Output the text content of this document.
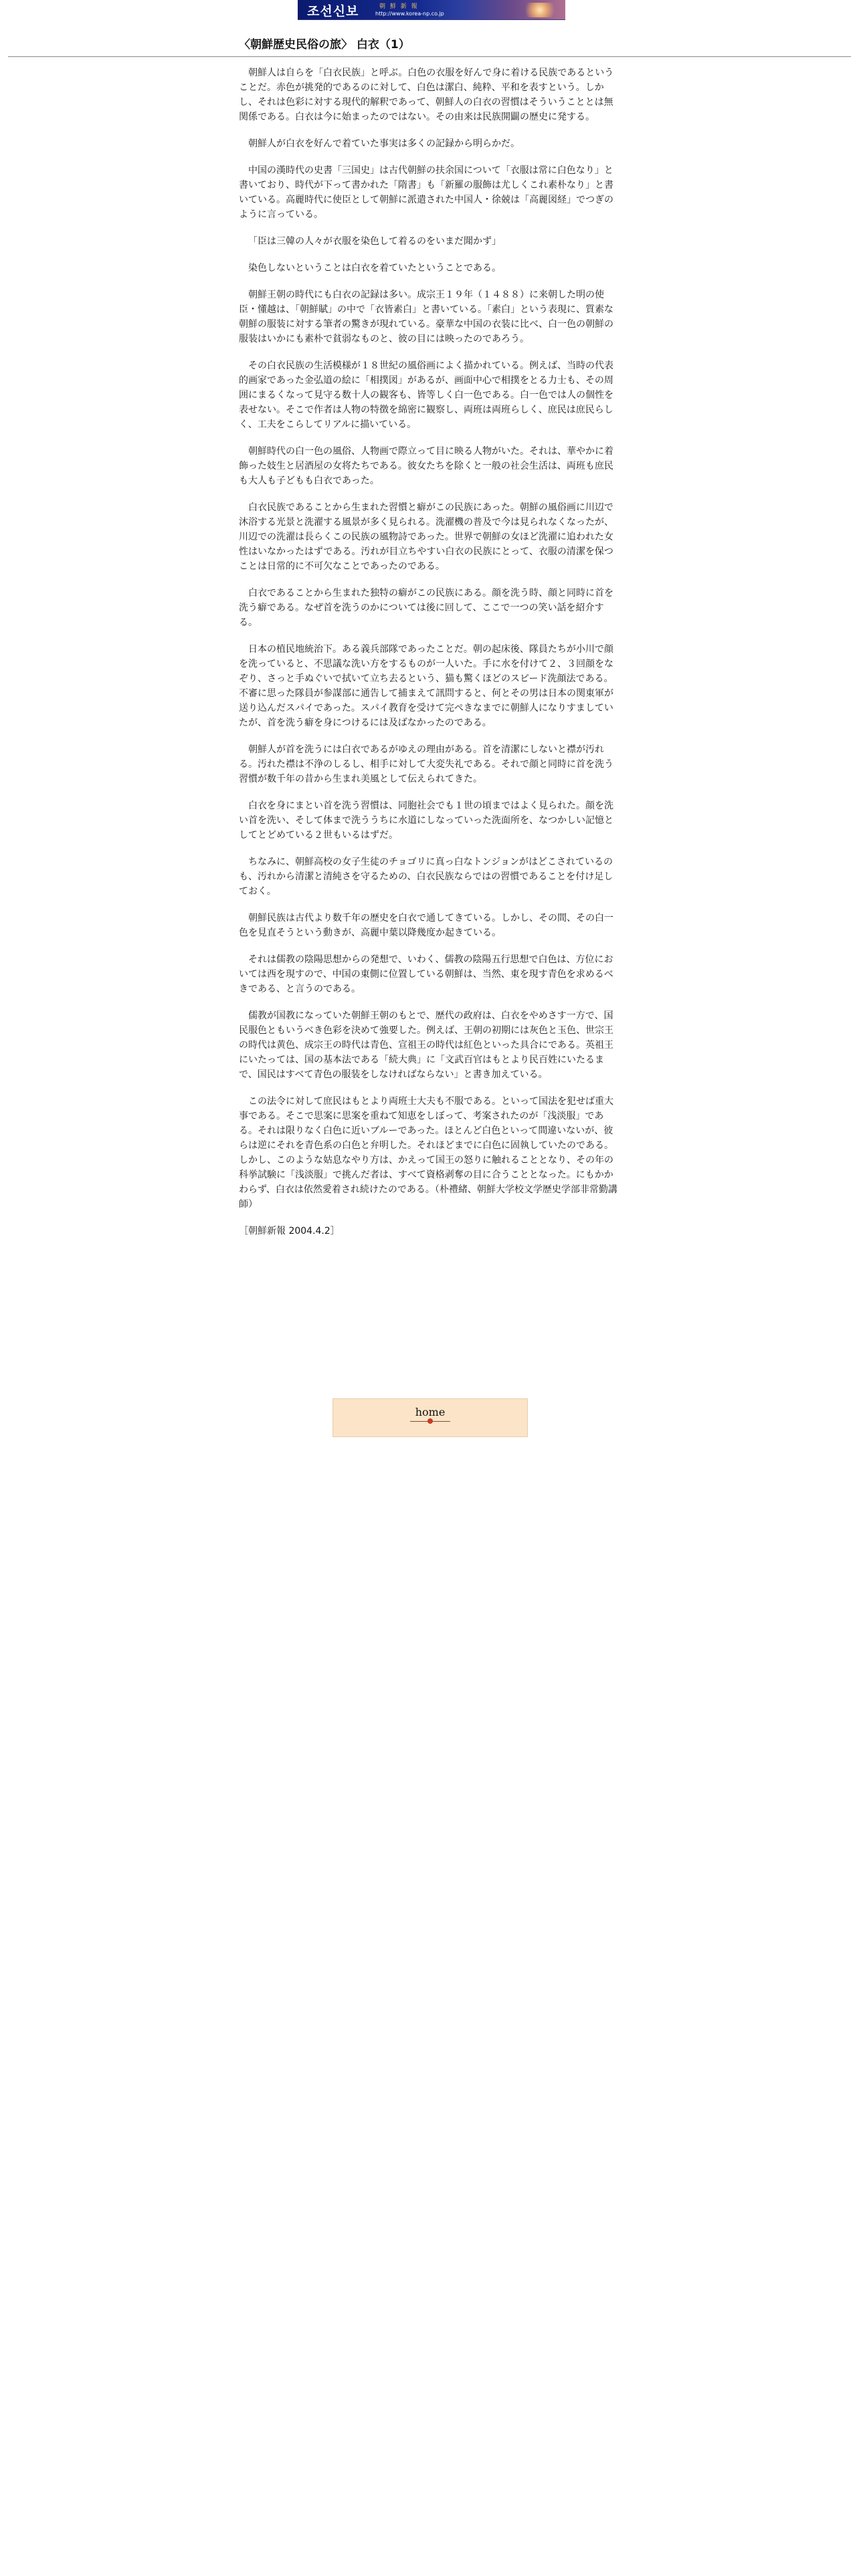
조선신보	朝 鮮 新 報
http://www.korea-np.co.jp
〈朝鮮歴史民俗の旅〉 白衣（1）

朝鮮人は自らを「白衣民族」と呼ぶ。白色の衣服を好んで身に着ける民族であるということだ。赤色が挑発的であるのに対して、白色は潔白、純粋、平和を表すという。しかし、それは色彩に対する現代的解釈であって、朝鮮人の白衣の習慣はそういうこととは無関係である。白衣は今に始まったのではない。その由来は民族開闢の歴史に発する。

朝鮮人が白衣を好んで着ていた事実は多くの記録から明らかだ。

中国の漢時代の史書「三国史」は古代朝鮮の扶余国について「衣服は常に白色なり」と書いており、時代が下って書かれた「隋書」も「新羅の服飾は尤しくこれ素朴なり」と書いている。高麗時代に使臣として朝鮮に派遣された中国人・徐兢は「高麗図経」でつぎのように言っている。

「臣は三韓の人々が衣服を染色して着るのをいまだ聞かず」

染色しないということは白衣を着ていたということである。

朝鮮王朝の時代にも白衣の記録は多い。成宗王１９年（１４８８）に来朝した明の使臣・懂越は、「朝鮮賦」の中で「衣皆素白」と書いている。「素白」という表現に、質素な朝鮮の服装に対する筆者の驚きが現れている。豪華な中国の衣装に比べ、白一色の朝鮮の服装はいかにも素朴で貧弱なものと、彼の目には映ったのであろう。

その白衣民族の生活模様が１８世紀の風俗画によく描かれている。例えば、当時の代表的画家であった金弘道の絵に「相撲図」があるが、画面中心で相撲をとる力士も、その周囲にまるくなって見守る数十人の観客も、皆等しく白一色である。白一色では人の個性を表せない。そこで作者は人物の特徴を綿密に観察し、両班は両班らしく、庶民は庶民らしく、工夫をこらしてリアルに描いている。

朝鮮時代の白一色の風俗、人物画で際立って目に映る人物がいた。それは、華やかに着飾った妓生と居酒屋の女将たちである。彼女たちを除くと一般の社会生活は、両班も庶民も大人も子どもも白衣であった。

白衣民族であることから生まれた習慣と癖がこの民族にあった。朝鮮の風俗画に川辺で沐浴する光景と洗濯する風景が多く見られる。洗濯機の普及で今は見られなくなったが、川辺での洗濯は長らくこの民族の風物詩であった。世界で朝鮮の女ほど洗濯に追われた女性はいなかったはずである。汚れが目立ちやすい白衣の民族にとって、衣服の清潔を保つことは日常的に不可欠なことであったのである。

白衣であることから生まれた独特の癖がこの民族にある。顔を洗う時、顔と同時に首を洗う癖である。なぜ首を洗うのかについては後に回して、ここで一つの笑い話を紹介する。

日本の植民地統治下。ある義兵部隊であったことだ。朝の起床後、隊員たちが小川で顔を洗っていると、不思議な洗い方をするものが一人いた。手に水を付けて２、３回顔をなぞり、さっと手ぬぐいで拭いて立ち去るという、猫も驚くほどのスピード洗顔法である。不審に思った隊員が参謀部に通告して捕まえて訊問すると、何とその男は日本の関東軍が送り込んだスパイであった。スパイ教育を受けて完ぺきなまでに朝鮮人になりすましていたが、首を洗う癖を身につけるには及ばなかったのである。

朝鮮人が首を洗うには白衣であるがゆえの理由がある。首を清潔にしないと襟が汚れる。汚れた襟は不浄のしるし、相手に対して大変失礼である。それで顔と同時に首を洗う習慣が数千年の昔から生まれ美風として伝えられてきた。

白衣を身にまとい首を洗う習慣は、同胞社会でも１世の頃まではよく見られた。顔を洗い首を洗い、そして体まで洗ううちに水道にしなっていった洗面所を、なつかしい記憶としてとどめている２世もいるはずだ。

ちなみに、朝鮮高校の女子生徒のチョゴリに真っ白なトンジョンがはどこされているのも、汚れから清潔と清純さを守るための、白衣民族ならではの習慣であることを付け足しておく。

朝鮮民族は古代より数千年の歴史を白衣で通してきている。しかし、その間、その白一色を見直そうという動きが、高麗中葉以降幾度か起きている。

それは儒教の陰陽思想からの発想で、いわく、儒教の陰陽五行思想で白色は、方位においては西を現すので、中国の東側に位置している朝鮮は、当然、東を現す青色を求めるべきである、と言うのである。

儒教が国教になっていた朝鮮王朝のもとで、歴代の政府は、白衣をやめさす一方で、国民服色ともいうべき色彩を決めて強要した。例えば、王朝の初期には灰色と玉色、世宗王の時代は黄色、成宗王の時代は青色、宣祖王の時代は紅色といった具合にである。英祖王にいたっては、国の基本法である「続大典」に「文武百官はもとより民百姓にいたるまで、国民はすべて青色の服装をしなければならない」と書き加えている。

この法令に対して庶民はもとより両班士大夫も不服である。といって国法を犯せば重大事である。そこで思案に思案を重ねて知恵をしぼって、考案されたのが「浅淡服」である。それは限りなく白色に近いブルーであった。ほとんど白色といって間違いないが、彼らは逆にそれを青色系の白色と弁明した。それほどまでに白色に固執していたのである。しかし、このような姑息なやり方は、かえって国王の怒りに触れることとなり、その年の科挙試験に「浅淡服」で挑んだ者は、すべて資格剥奪の目に合うこととなった。にもかかわらず、白衣は依然愛着され続けたのである。（朴禮緒、朝鮮大学校文学歴史学部非常勤講師）

［朝鮮新報 2004.4.2］

home
